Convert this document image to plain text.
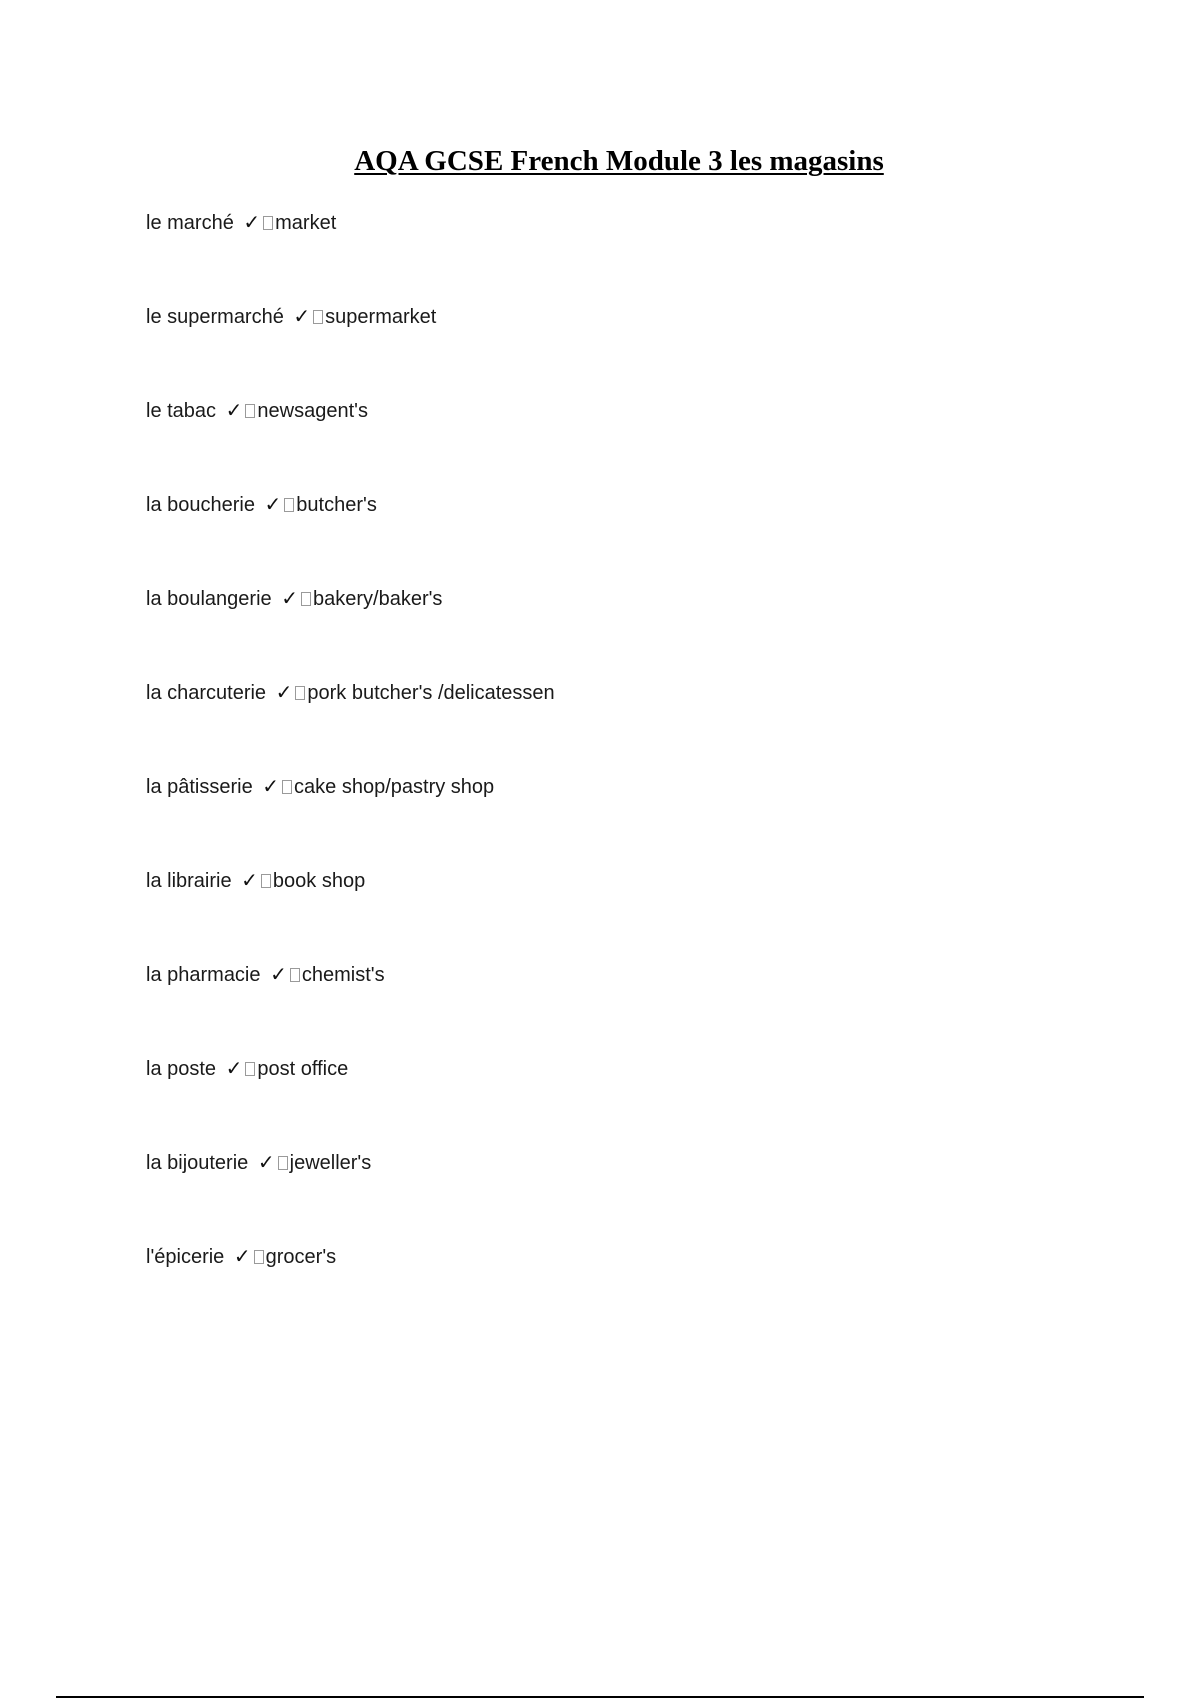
AQA GCSE French Module 3 les magasins
le marché ✓ market
le supermarché ✓ supermarket
le tabac ✓ newsagent's
la boucherie ✓ butcher's
la boulangerie ✓ bakery/baker's
la charcuterie ✓ pork butcher's /delicatessen
la pâtisserie ✓ cake shop/pastry shop
la librairie ✓ book shop
la pharmacie ✓ chemist's
la poste ✓ post office
la bijouterie ✓ jeweller's
l'épicerie ✓ grocer's
